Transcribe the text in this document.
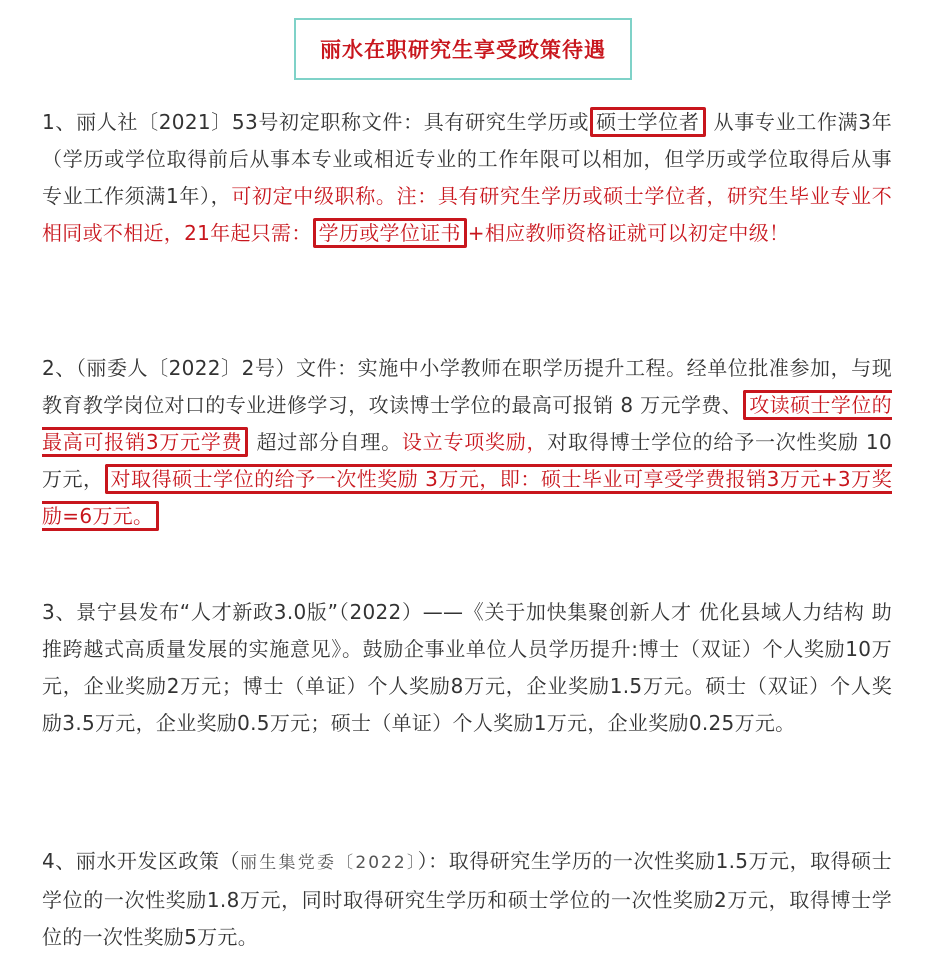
丽水在职研究生享受政策待遇

1、丽人社〔2021〕53号初定职称文件：具有研究生学历或 硕士学位者 从事专业工作满3年（学历或学位取得前后从事本专业或相近专业的工作年限可以相加，但学历或学位取得后从事专业工作须满1年），可初定中级职称。注：具有研究生学历或硕士学位者，研究生毕业专业不相同或不相近，21年起只需： 学历或学位证书 +相应教师资格证就可以初定中级！

2、（丽委人〔2022〕2号）文件：实施中小学教师在职学历提升工程。经单位批准参加，与现教育教学岗位对口的专业进修学习，攻读博士学位的最高可报销 8 万元学费、 攻读硕士学位的最高可报销3万元学费 超过部分自理。设立专项奖励，对取得博士学位的给予一次性奖励 10 万元， 对取得硕士学位的给予一次性奖励 3万元，即：硕士毕业可享受学费报销3万元+3万奖励=6万元。

3、景宁县发布“人才新政3.0版”（2022）——《关于加快集聚创新人才 优化县域人力结构 助推跨越式高质量发展的实施意见》。鼓励企事业单位人员学历提升:博士（双证）个人奖励10万元，企业奖励2万元；博士（单证）个人奖励8万元，企业奖励1.5万元。硕士（双证）个人奖励3.5万元，企业奖励0.5万元；硕士（单证）个人奖励1万元，企业奖励0.25万元。

4、丽水开发区政策（丽生集党委〔2022〕）：取得研究生学历的一次性奖励1.5万元，取得硕士学位的一次性奖励1.8万元，同时取得研究生学历和硕士学位的一次性奖励2万元，取得博士学位的一次性奖励5万元。
